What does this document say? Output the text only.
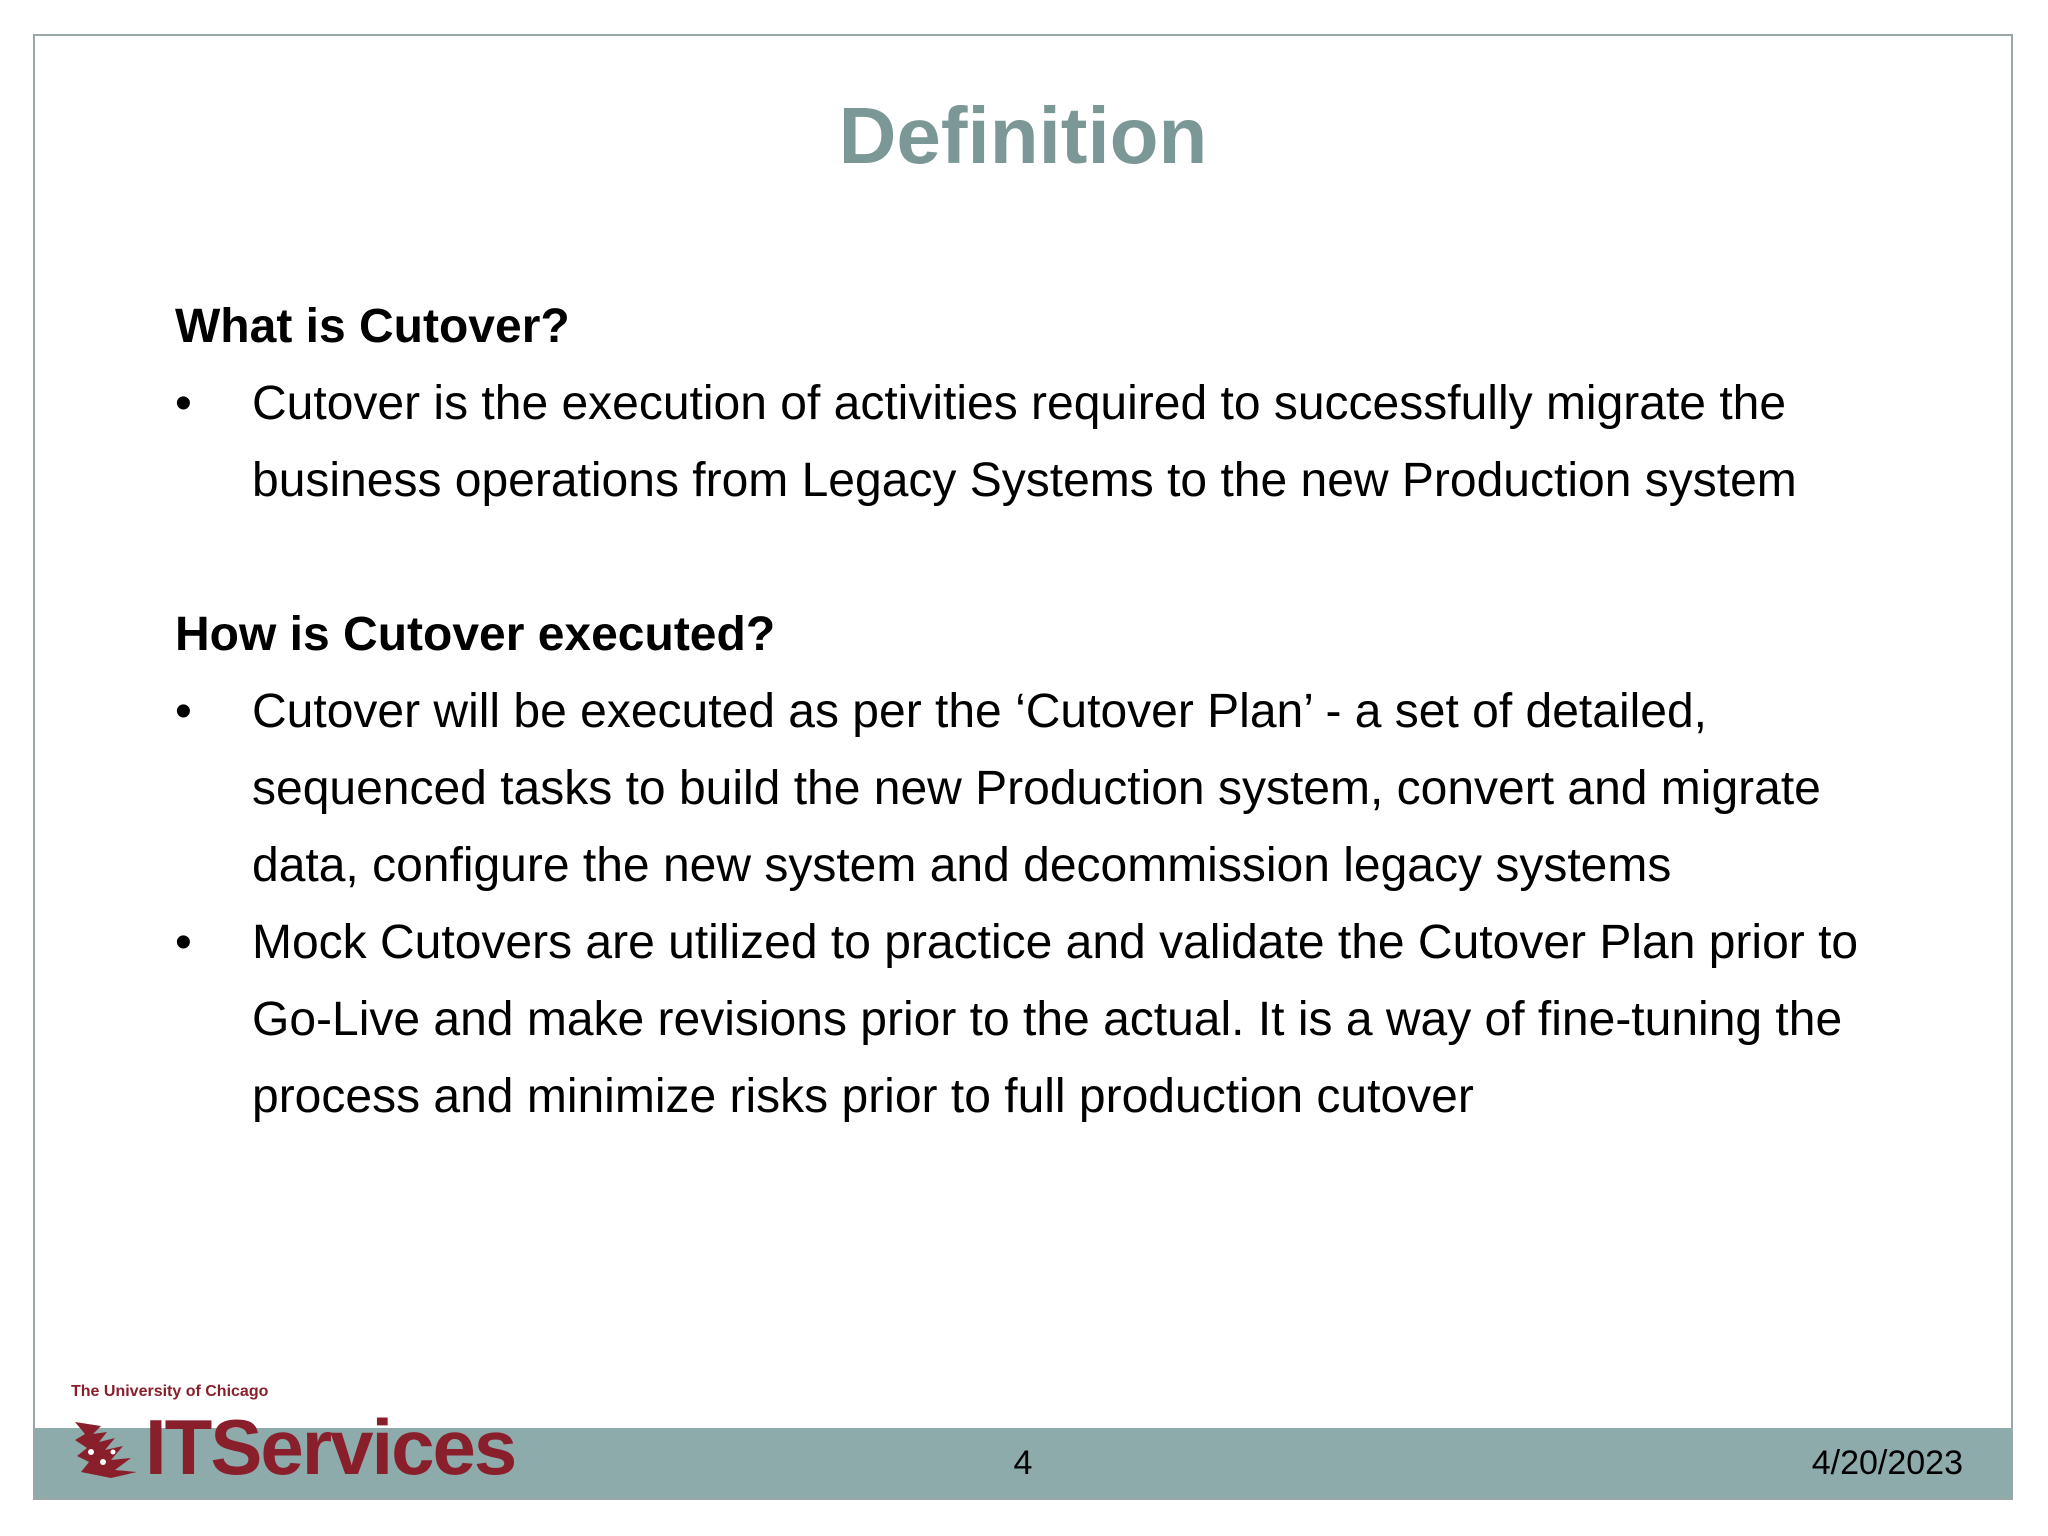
Definition

What is Cutover?

• Cutover is the execution of activities required to successfully migrate the business operations from Legacy Systems to the new Production system

How is Cutover executed?

• Cutover will be executed as per the ‘Cutover Plan’ - a set of detailed, sequenced tasks to build the new Production system, convert and migrate data, configure the new system and decommission legacy systems
• Mock Cutovers are utilized to practice and validate the Cutover Plan prior to Go-Live and make revisions prior to the actual. It is a way of fine-tuning the process and minimize risks prior to full production cutover
4	4/20/2023
The University of Chicago
ITServices
